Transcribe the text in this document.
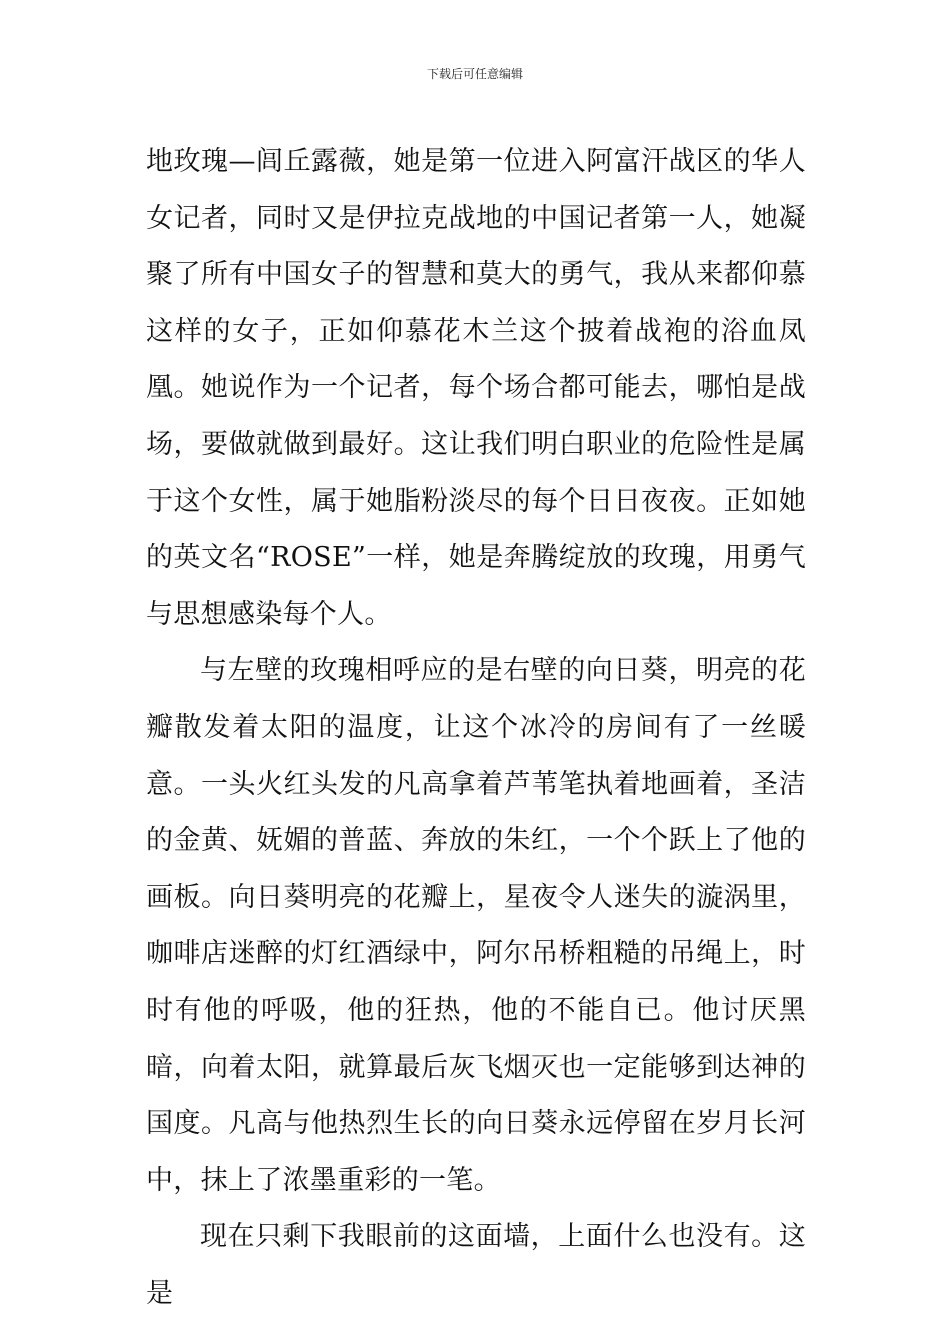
下载后可任意编辑

地玫瑰—闾丘露薇，她是第一位进入阿富汗战区的华人女记者，同时又是伊拉克战地的中国记者第一人，她凝聚了所有中国女子的智慧和莫大的勇气，我从来都仰慕这样的女子，正如仰慕花木兰这个披着战袍的浴血凤凰。她说作为一个记者，每个场合都可能去，哪怕是战场，要做就做到最好。这让我们明白职业的危险性是属于这个女性，属于她脂粉淡尽的每个日日夜夜。正如她的英文名“ROSE”一样，她是奔腾绽放的玫瑰，用勇气与思想感染每个人。

与左壁的玫瑰相呼应的是右壁的向日葵，明亮的花瓣散发着太阳的温度，让这个冰冷的房间有了一丝暖意。一头火红头发的凡高拿着芦苇笔执着地画着，圣洁的金黄、妩媚的普蓝、奔放的朱红，一个个跃上了他的画板。向日葵明亮的花瓣上，星夜令人迷失的漩涡里，咖啡店迷醉的灯红酒绿中，阿尔吊桥粗糙的吊绳上，时时有他的呼吸，他的狂热，他的不能自已。他讨厌黑暗，向着太阳，就算最后灰飞烟灭也一定能够到达神的国度。凡高与他热烈生长的向日葵永远停留在岁月长河中，抹上了浓墨重彩的一笔。

现在只剩下我眼前的这面墙，上面什么也没有。这是
